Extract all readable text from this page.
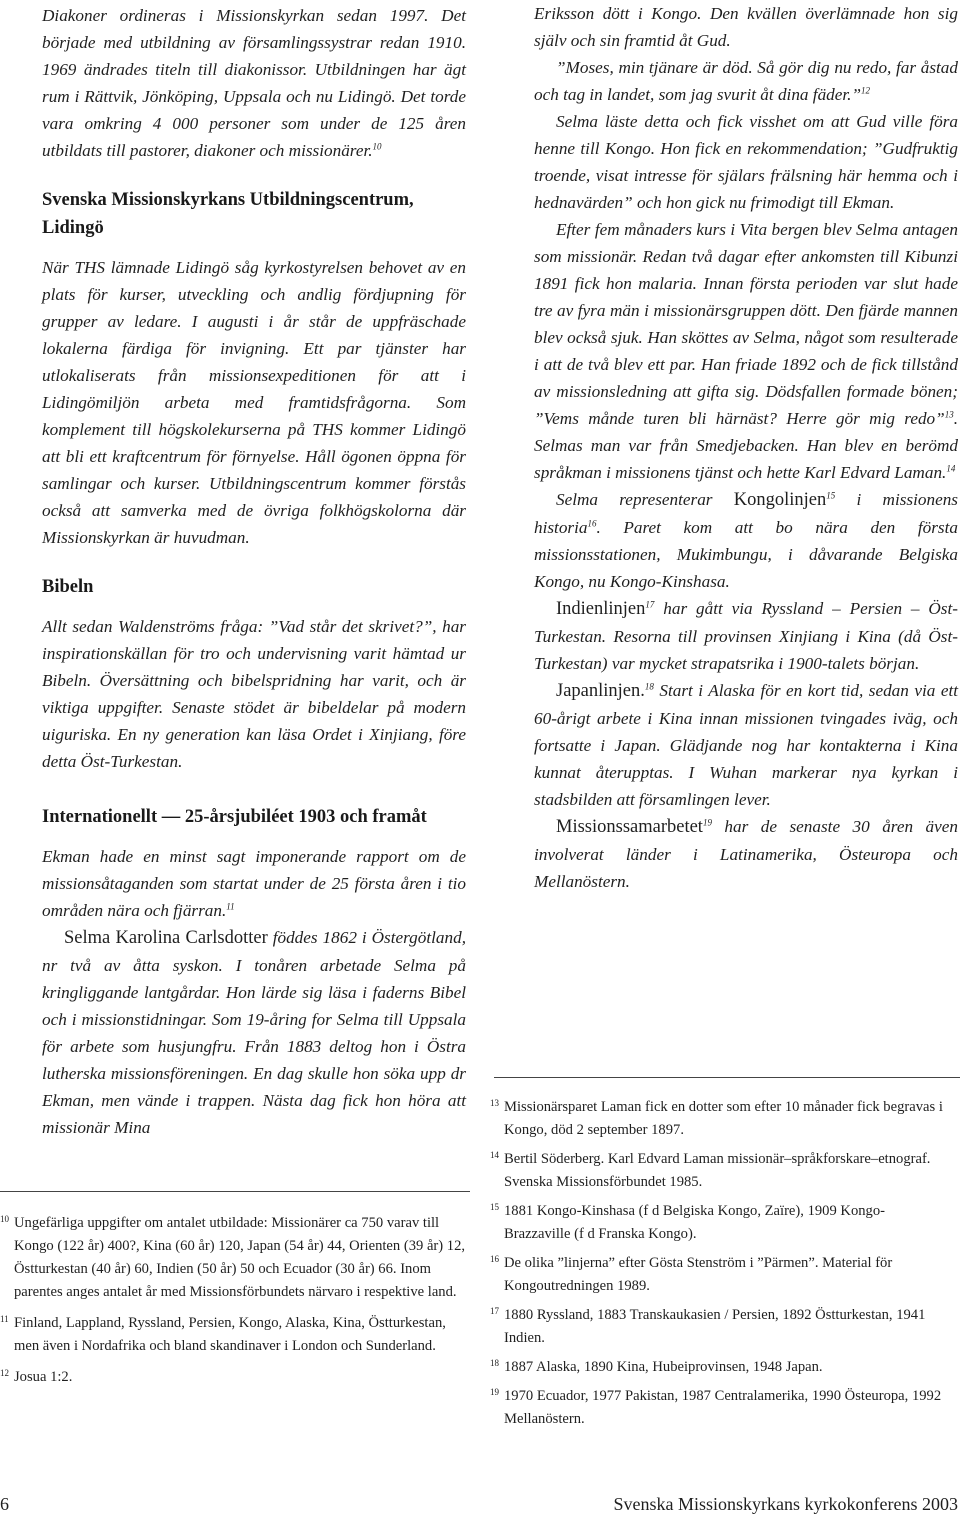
Diakoner ordineras i Missionskyrkan sedan 1997. Det började med utbildning av församlingssystrar redan 1910. 1969 ändrades titeln till diakonissor. Utbildningen har ägt rum i Rättvik, Jönköping, Uppsala och nu Lidingö. Det torde vara omkring 4 000 personer som under de 125 åren utbildats till pastorer, diakoner och missionärer.$^{10}$

Svenska Missionskyrkans Utbildningscentrum, Lidingö

När THS lämnade Lidingö såg kyrkostyrelsen behovet av en plats för kurser, utveckling och andlig fördjupning för grupper av ledare. I augusti i år står de uppfräschade lokalerna färdiga för invigning. Ett par tjänster har utlokaliserats från missionsexpeditionen för att i Lidingömiljön arbeta med framtidsfrågorna. Som komplement till högskolekurserna på THS kommer Lidingö att bli ett kraftcentrum för förnyelse. Håll ögonen öppna för samlingar och kurser. Utbildningscentrum kommer förstås också att samverka med de övriga folkhögskolorna där Missionskyrkan är huvudman.

Bibeln

Allt sedan Waldenströms fråga: ”Vad står det skrivet?”, har inspirationskällan för tro och undervisning varit hämtad ur Bibeln. Översättning och bibelspridning har varit, och är viktiga uppgifter. Senaste stödet är bibeldelar på modern uiguriska. En ny generation kan läsa Ordet i Xinjiang, före detta Öst-Turkestan.

Internationellt — 25-årsjubiléet 1903 och framåt

Ekman hade en minst sagt imponerande rapport om de missionsåtaganden som startat under de 25 första åren i tio områden nära och fjärran.$^{11}$

Selma Karolina Carlsdotter föddes 1862 i Östergötland, nr två av åtta syskon. I tonåren arbetade Selma på kringliggande lantgårdar. Hon lärde sig läsa i faderns Bibel och i missionstidningar. Som 19-åring for Selma till Uppsala för arbete som husjungfru. Från 1883 deltog hon i Östra lutherska missionsföreningen. En dag skulle hon söka upp dr Ekman, men vände i trappen. Nästa dag fick hon höra att missionär Mina

Eriksson dött i Kongo. Den kvällen överlämnade hon sig själv och sin framtid åt Gud.

”Moses, min tjänare är död. Så gör dig nu redo, far åstad och tag in landet, som jag svurit åt dina fäder.”$^{12}$

Selma läste detta och fick visshet om att Gud ville föra henne till Kongo. Hon fick en rekommendation; ”Gudfruktig troende, visat intresse för själars frälsning här hemma och i hednavärden” och hon gick nu frimodigt till Ekman.

Efter fem månaders kurs i Vita bergen blev Selma antagen som missionär. Redan två dagar efter ankomsten till Kibunzi 1891 fick hon malaria. Innan första perioden var slut hade tre av fyra män i missionärsgruppen dött. Den fjärde mannen blev också sjuk. Han sköttes av Selma, något som resulterade i att de två blev ett par. Han friade 1892 och de fick tillstånd av missionsledning att gifta sig. Dödsfallen formade bönen; ”Vems månde turen bli härnäst? Herre gör mig redo”$^{13}$. Selmas man var från Smedjebacken. Han blev en berömd språkman i missionens tjänst och hette Karl Edvard Laman.$^{14}$

Selma representerar Kongolinjen$^{15}$ i missionens historia$^{16}$. Paret kom att bo nära den första missionsstationen, Mukimbungu, i dåvarande Belgiska Kongo, nu Kongo-Kinshasa.

Indienlinjen$^{17}$ har gått via Ryssland – Persien – Öst-Turkestan. Resorna till provinsen Xinjiang i Kina (då Öst-Turkestan) var mycket strapatsrika i 1900-talets början.

Japanlinjen.$^{18}$ Start i Alaska för en kort tid, sedan via ett 60-årigt arbete i Kina innan missionen tvingades iväg, och fortsatte i Japan. Glädjande nog har kontakterna i Kina kunnat återupptas. I Wuhan markerar nya kyrkan i stadsbilden att församlingen lever.

Missionssamarbetet$^{19}$ har de senaste 30 åren även involverat länder i Latinamerika, Östeuropa och Mellanöstern.

10 Ungefärliga uppgifter om antalet utbildade: Missionärer ca 750 varav till Kongo (122 år) 400?, Kina (60 år) 120, Japan (54 år) 44, Orienten (39 år) 12, Östturkestan (40 år) 60, Indien (50 år) 50 och Ecuador (30 år) 66. Inom parentes anges antalet år med Missionsförbundets närvaro i respektive land.
11 Finland, Lappland, Ryssland, Persien, Kongo, Alaska, Kina, Östturkestan, men även i Nordafrika och bland skandinaver i London och Sunderland.
12 Josua 1:2.
13 Missionärsparet Laman fick en dotter som efter 10 månader fick begravas i Kongo, död 2 september 1897.
14 Bertil Söderberg. Karl Edvard Laman missionär–språkforskare–etnograf. Svenska Missionsförbundet 1985.
15 1881 Kongo-Kinshasa (f d Belgiska Kongo, Zaïre), 1909 Kongo-Brazzaville (f d Franska Kongo).
16 De olika ”linjerna” efter Gösta Stenström i ”Pärmen”. Material för Kongoutredningen 1989.
17 1880 Ryssland, 1883 Transkaukasien / Persien, 1892 Östturkestan, 1941 Indien.
18 1887 Alaska, 1890 Kina, Hubeiprovinsen, 1948 Japan.
19 1970 Ecuador, 1977 Pakistan, 1987 Centralamerika, 1990 Östeuropa, 1992 Mellanöstern.
6	Svenska Missionskyrkans kyrkokonferens 2003
